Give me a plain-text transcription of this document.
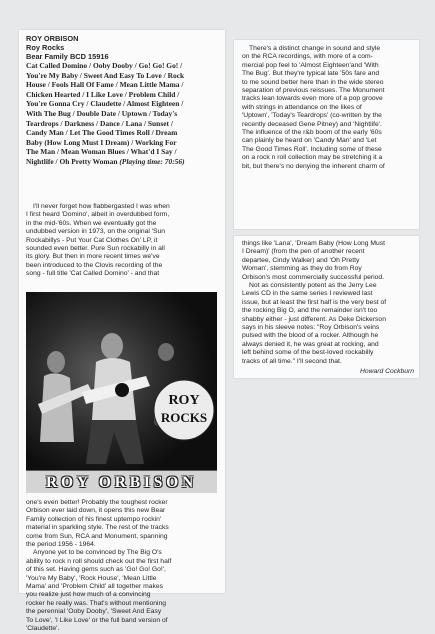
ROY ORBISON
Roy Rocks
Bear Family BCD 15916
Cat Called Domino / Ooby Dooby / Go! Go! Go! /
You're My Baby / Sweet And Easy To Love / Rock
House / Fools Hall Of Fame / Mean Little Mama /
Chicken Hearted / I Like Love / Problem Child /
You're Gonna Cry / Claudette / Almost Eighteen /
With The Bug / Double Date / Uptown / Today's
Teardrops / Darkness / Dance / Lana / Sunset /
Candy Man / Let The Good Times Roll / Dream
Baby (How Long Must I Dream) / Working For
The Man / Mean Woman Blues / What'd I Say /
Nightlife / Oh Pretty Woman (Playing time: 70:56)
I'll never forget how flabbergasted I was when
I first heard 'Domino', albeit in overdubbed form,
in the mid-'60s. When we eventually got the
undubbed version in 1973, on the original 'Sun
Rockabillys - Put Your Cat Clothes On' LP, it
sounded even better. Pure Sun rockabilly in all
its glory. But then in more recent times we've
been introduced to the Clovis recording of the
song - full title 'Cat Called Domino' - and that
ROY
ROCKS
ROY ORBISON
one's even better! Probably the toughest rocker
Orbison ever laid down, it opens this new Bear
Family collection of his finest uptempo rockin'
material in sparkling style. The rest of the tracks
come from Sun, RCA and Monument, spanning
the period 1956 - 1964.
Anyone yet to be convinced by The Big O's
ability to rock n roll should check out the first half
of this set. Having gems such as 'Go! Go! Go!',
'You're My Baby', 'Rock House', 'Mean Little
Mama' and 'Problem Child' all together makes
you realize just how much of a convincing
rocker he really was. That's without mentioning
the perennial 'Ooby Dooby', 'Sweet And Easy
To Love', 'I Like Love' or the full band version of
'Claudette'.
There's a distinct change in sound and style
on the RCA recordings, with more of a com-
mercial pop feel to 'Almost Eighteen'and 'With
The Bug'. But they're typical late '50s fare and
to me sound better here than in the wide stereo
separation of previous reissues. The Monument
tracks lean towards even more of a pop groove
with strings in attendance on the likes of
'Uptown', 'Today's Teardrops' (co-written by the
recently deceased Gene Pitney) and 'Nightlife'.
The influence of the r&b boom of the early '60s
can plainly be heard on 'Candy Man' and 'Let
The Good Times Roll'. Including some of these
on a rock n roll collection may be stretching it a
bit, but there's no denying the inherent charm of
things like 'Lana', 'Dream Baby (How Long Must
I Dream)' (from the pen of another recent
departee, Cindy Walker) and 'Oh Pretty
Woman', stemming as they do from Roy
Orbison's most commercially successful period.
Not as consistently potent as the Jerry Lee
Lewis CD in the same series I reviewed last
issue, but at least the first half is the very best of
the rocking Big O, and the remainder isn't too
shabby either - just different. As Deke Dickerson
says in his sleeve notes: "Roy Orbison's veins
pulsed with the blood of a rocker. Although he
always denied it, he was great at rocking, and
left behind some of the best-loved rockabilly
tracks of all time." I'll second that.
Howard Cockburn
